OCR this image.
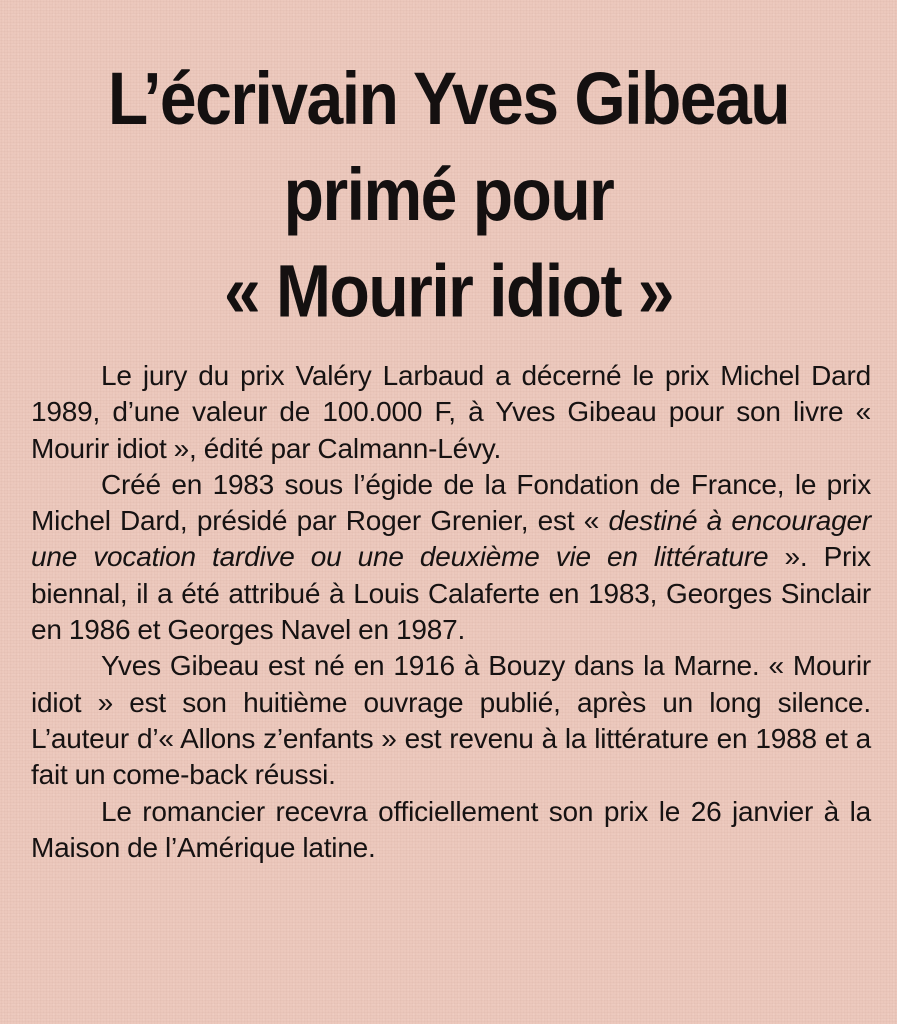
L’écrivain Yves Gibeau
primé pour
« Mourir idiot »

Le jury du prix Valéry Larbaud a décerné le prix Michel Dard 1989, d’une valeur de 100.000 F, à Yves Gibeau pour son livre « Mourir idiot », édité par Calmann-Lévy.

Créé en 1983 sous l’égide de la Fondation de France, le prix Michel Dard, présidé par Roger Grenier, est « destiné à encourager une vocation tardive ou une deuxième vie en littérature ». Prix biennal, il a été attribué à Louis Calaferte en 1983, Georges Sinclair en 1986 et Georges Navel en 1987.

Yves Gibeau est né en 1916 à Bouzy dans la Marne. « Mourir idiot » est son huitième ouvrage publié, après un long silence. L’auteur d’« Allons z’enfants » est revenu à la littérature en 1988 et a fait un come-back réussi.

Le romancier recevra officiellement son prix le 26 janvier à la Maison de l’Amérique latine.
